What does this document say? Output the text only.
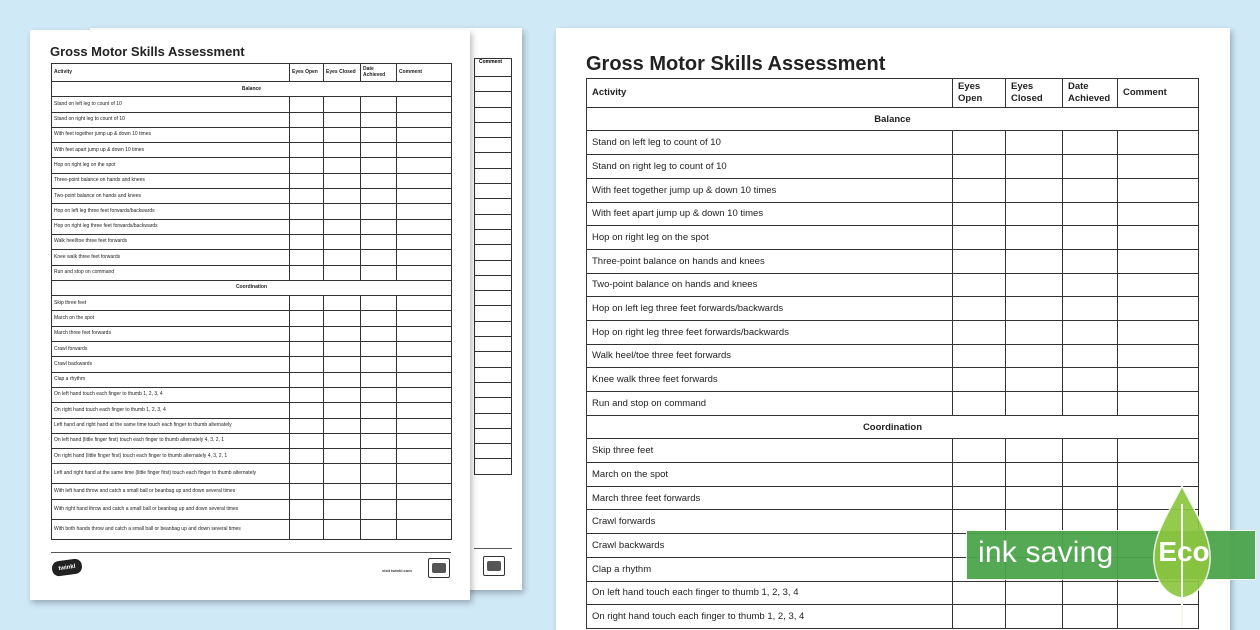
Comment

Gross Motor Skills Assessment
Activity	Eyes Open	Eyes Closed	Date Achieved	Comment
Balance				
Stand on left leg to count of 10				
Stand on right leg to count of 10				
With feet together jump up & down 10 times				
With feet apart jump up & down 10 times				
Hop on right leg on the spot				
Three-point balance on hands and knees				
Two-point balance on hands and knees				
Hop on left leg three feet forwards/backwards				
Hop on right leg three feet forwards/backwards				
Walk heel/toe three feet forwards				
Knee walk three feet forwards				
Run and stop on command				
Coordination				
Skip three feet				
March on the spot				
March three feet forwards				
Crawl forwards				
Crawl backwards				
Clap a rhythm				
On left hand touch each finger to thumb 1, 2, 3, 4				
On right hand touch each finger to thumb 1, 2, 3, 4				
Left hand and right hand at the same time touch each finger to thumb alternately				
On left hand (little finger first) touch each finger to thumb alternately 4, 3, 2, 1				
On right hand (little finger first) touch each finger to thumb alternately 4, 3, 2, 1				
Left and right hand at the same time (little finger first) touch each finger to thumb alternately				
With left hand throw and catch a small ball or beanbag up and down several times				
With right hand throw and catch a small ball or beanbag up and down several times				
With both hands throw and catch a small ball or beanbag up and down several times				
twinkl	visit twinkl.com
Gross Motor Skills Assessment
Activity	Eyes Open	Eyes Closed	Date Achieved	Comment
Balance				
Stand on left leg to count of 10				
Stand on right leg to count of 10				
With feet together jump up & down 10 times				
With feet apart jump up & down 10 times				
Hop on right leg on the spot				
Three-point balance on hands and knees				
Two-point balance on hands and knees				
Hop on left leg three feet forwards/backwards				
Hop on right leg three feet forwards/backwards				
Walk heel/toe three feet forwards				
Knee walk three feet forwards				
Run and stop on command				
Coordination				
Skip three feet				
March on the spot				
March three feet forwards				
Crawl forwards				
Crawl backwards				
Clap a rhythm				
On left hand touch each finger to thumb 1, 2, 3, 4				
On right hand touch each finger to thumb 1, 2, 3, 4				
ink saving Eco
